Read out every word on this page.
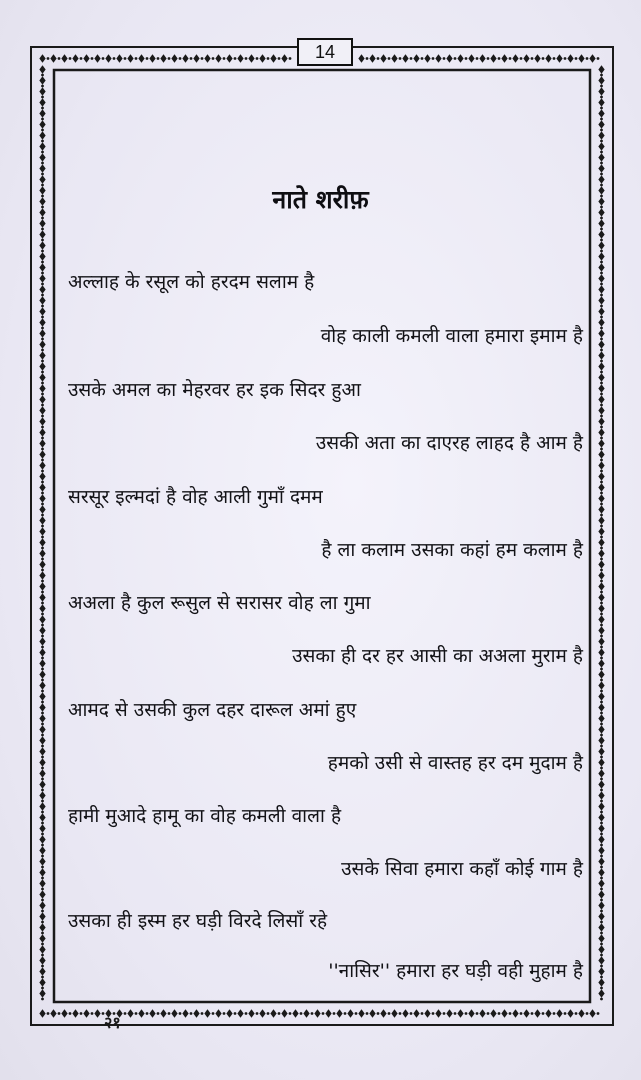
14
नाते शरीफ़
अल्लाह के रसूल को हरदम सलाम है
वोह काली कमली वाला हमारा इमाम है
उसके अमल का मेहरवर हर इक सिदर हुआ
उसकी अता का दाएरह लाहद है आम है
सरसूर इल्मदां है वोह आली गुमाँ दमम
है ला कलाम उसका कहां हम कलाम है
अअला है कुल रूसुल से सरासर वोह ला गुमा
उसका ही दर हर आसी का अअला मुराम है
आमद से उसकी कुल दहर दारूल अमां हुए
हमको उसी से वास्तह हर दम मुदाम है
हामी मुआदे हामू का वोह कमली वाला है
उसके सिवा हमारा कहाँ कोई गाम है
उसका ही इस्म हर घड़ी विरदे लिसाँ रहे
''नासिर'' हमारा हर घड़ी वही मुहाम है
२१
